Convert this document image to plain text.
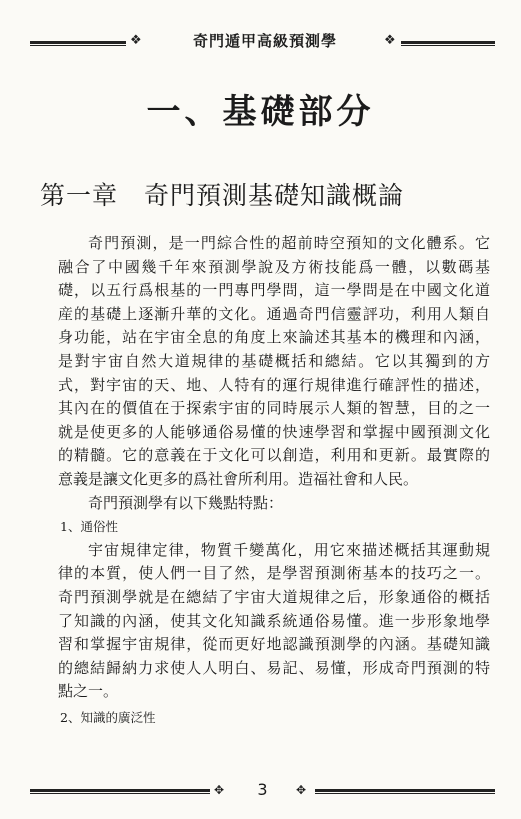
❖	奇門遁甲高級預測學	❖
一、基礎部分
第一章 奇門預測基礎知識概論
奇門預測，是一門綜合性的超前時空預知的文化體系。它
融合了中國幾千年來預測學說及方術技能爲一體，以數碼基
礎，以五行爲根基的一門專門學問，這一學問是在中國文化道
産的基礎上逐漸升華的文化。通過奇門信靈評功，利用人類自
身功能，站在宇宙全息的角度上來論述其基本的機理和內涵，
是對宇宙自然大道規律的基礎概括和總結。它以其獨到的方
式，對宇宙的天、地、人特有的運行規律進行確評性的描述，
其內在的價值在于探索宇宙的同時展示人類的智慧，目的之一
就是使更多的人能够通俗易懂的快速學習和掌握中國預測文化
的精髓。它的意義在于文化可以創造，利用和更新。最實際的
意義是讓文化更多的爲社會所利用。造福社會和人民。
奇門預測學有以下幾點特點：
1、通俗性
宇宙規律定律，物質千變萬化，用它來描述概括其運動規
律的本質，使人們一目了然，是學習預測術基本的技巧之一。
奇門預測學就是在總結了宇宙大道規律之后，形象通俗的概括
了知識的內涵，使其文化知識系統通俗易懂。進一步形象地學
習和掌握宇宙規律，從而更好地認識預測學的內涵。基礎知識
的總結歸納力求使人人明白、易記、易懂，形成奇門預測的特
點之一。
2、知識的廣泛性
✥	3	✥
